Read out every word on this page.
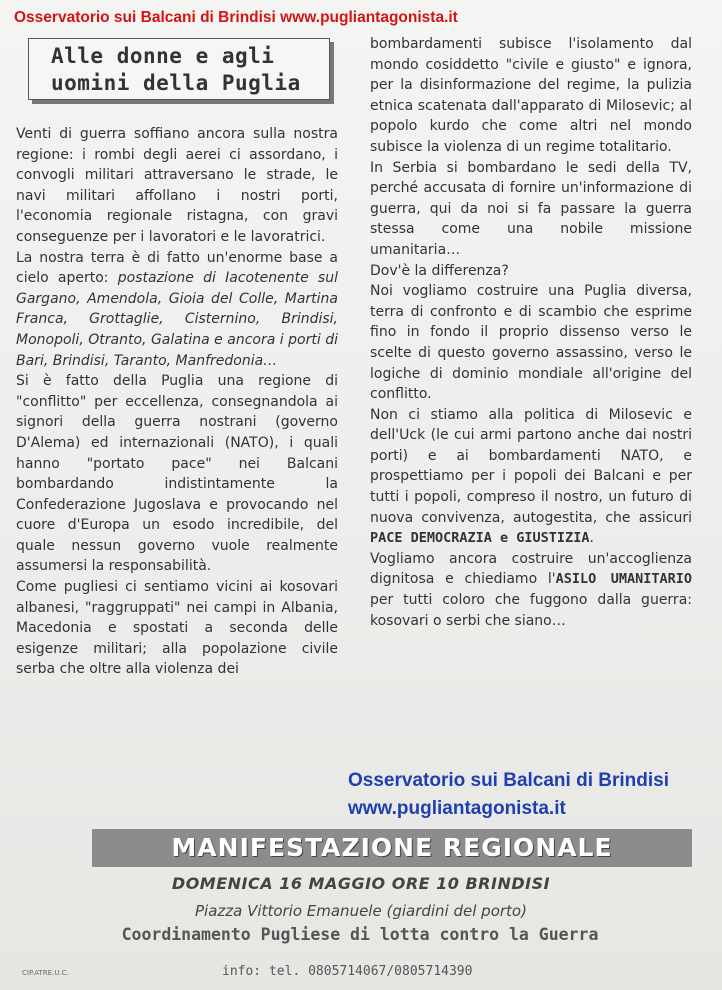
Osservatorio sui Balcani di Brindisi www.pugliantagonista.it
Alle donne e agli
uomini della Puglia

Venti di guerra soffiano ancora sulla nostra regione: i rombi degli aerei ci assordano, i convogli militari attraversano le strade, le navi militari affollano i nostri porti, l'economia regionale ristagna, con gravi conseguenze per i lavoratori e le lavoratrici.

La nostra terra è di fatto un'enorme base a cielo aperto: postazione di Iacotenente sul Gargano, Amendola, Gioia del Colle, Martina Franca, Grottaglie, Cisternino, Brindisi, Monopoli, Otranto, Galatina e ancora i porti di Bari, Brindisi, Taranto, Manfredonia…

Si è fatto della Puglia una regione di "conflitto" per eccellenza, consegnandola ai signori della guerra nostrani (governo D'Alema) ed internazionali (NATO), i quali hanno "portato pace" nei Balcani bombardando indistintamente la Confederazione Jugoslava e provocando nel cuore d'Europa un esodo incredibile, del quale nessun governo vuole realmente assumersi la responsabilità.

Come pugliesi ci sentiamo vicini ai kosovari albanesi, "raggruppati" nei campi in Albania, Macedonia e spostati a seconda delle esigenze militari; alla popolazione civile serba che oltre alla violenza dei

bombardamenti subisce l'isolamento dal mondo cosiddetto "civile e giusto" e ignora, per la disinformazione del regime, la pulizia etnica scatenata dall'apparato di Milosevic; al popolo kurdo che come altri nel mondo subisce la violenza di un regime totalitario.

In Serbia si bombardano le sedi della TV, perché accusata di fornire un'informazione di guerra, qui da noi si fa passare la guerra stessa come una nobile missione umanitaria…

Dov'è la differenza?

Noi vogliamo costruire una Puglia diversa, terra di confronto e di scambio che esprime fino in fondo il proprio dissenso verso le scelte di questo governo assassino, verso le logiche di dominio mondiale all'origine del conflitto.

Non ci stiamo alla politica di Milosevic e dell'Uck (le cui armi partono anche dai nostri porti) e ai bombardamenti NATO, e prospettiamo per i popoli dei Balcani e per tutti i popoli, compreso il nostro, un futuro di nuova convivenza, autogestita, che assicuri PACE DEMOCRAZIA e GIUSTIZIA.

Vogliamo ancora costruire un'accoglienza dignitosa e chiediamo l'ASILO UMANITARIO per tutti coloro che fuggono dalla guerra: kosovari o serbi che siano…

Osservatorio sui Balcani di Brindisi
www.pugliantagonista.it
MANIFESTAZIONE REGIONALE
DOMENICA 16 MAGGIO ORE 10 BRINDISI
Piazza Vittorio Emanuele (giardini del porto)
Coordinamento Pugliese di lotta contro la Guerra
info: tel. 0805714067/0805714390
CIP.ATRE.U.C.
